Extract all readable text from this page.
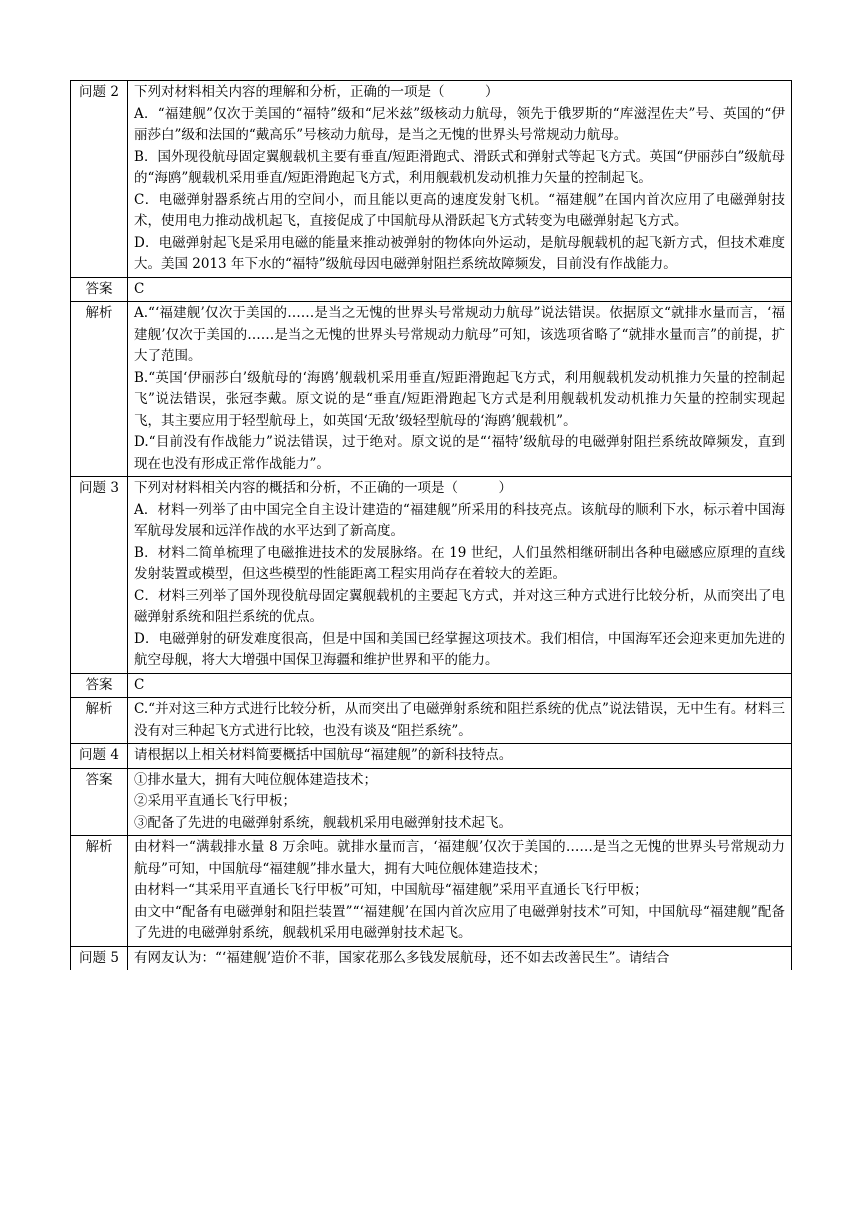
问题 2	下列对材料相关内容的理解和分析，正确的一项是（　　　）

A．“福建舰”仅次于美国的“福特”级和“尼米兹”级核动力航母，领先于俄罗斯的“库滋涅佐夫”号、英国的“伊丽莎白”级和法国的“戴高乐”号核动力航母，是当之无愧的世界头号常规动力航母。

B．国外现役航母固定翼舰载机主要有垂直/短距滑跑式、滑跃式和弹射式等起飞方式。英国“伊丽莎白”级航母的“海鸥”舰载机采用垂直/短距滑跑起飞方式，利用舰载机发动机推力矢量的控制起飞。

C．电磁弹射器系统占用的空间小，而且能以更高的速度发射飞机。“福建舰”在国内首次应用了电磁弹射技术，使用电力推动战机起飞，直接促成了中国航母从滑跃起飞方式转变为电磁弹射起飞方式。

D．电磁弹射起飞是采用电磁的能量来推动被弹射的物体向外运动，是航母舰载机的起飞新方式，但技术难度大。美国 2013 年下水的“福特”级航母因电磁弹射阻拦系统故障频发，目前没有作战能力。

答案	C

解析	A.“‘福建舰’仅次于美国的……是当之无愧的世界头号常规动力航母”说法错误。依据原文“就排水量而言，‘福建舰’仅次于美国的……是当之无愧的世界头号常规动力航母”可知，该选项省略了“就排水量而言”的前提，扩大了范围。

B.“英国‘伊丽莎白’级航母的‘海鸥’舰载机采用垂直/短距滑跑起飞方式，利用舰载机发动机推力矢量的控制起飞”说法错误，张冠李戴。原文说的是“垂直/短距滑跑起飞方式是利用舰载机发动机推力矢量的控制实现起飞，其主要应用于轻型航母上，如英国‘无敌’级轻型航母的‘海鸥’舰载机”。

D.“目前没有作战能力”说法错误，过于绝对。原文说的是“‘福特’级航母的电磁弹射阻拦系统故障频发，直到现在也没有形成正常作战能力”。

问题 3	下列对材料相关内容的概括和分析，不正确的一项是（　　　）

A．材料一列举了由中国完全自主设计建造的“福建舰”所采用的科技亮点。该航母的顺利下水，标示着中国海军航母发展和远洋作战的水平达到了新高度。

B．材料二简单梳理了电磁推进技术的发展脉络。在 19 世纪，人们虽然相继研制出各种电磁感应原理的直线发射装置或模型，但这些模型的性能距离工程实用尚存在着较大的差距。

C．材料三列举了国外现役航母固定翼舰载机的主要起飞方式，并对这三种方式进行比较分析，从而突出了电磁弹射系统和阻拦系统的优点。

D．电磁弹射的研发难度很高，但是中国和美国已经掌握这项技术。我们相信，中国海军还会迎来更加先进的航空母舰，将大大增强中国保卫海疆和维护世界和平的能力。

答案	C

解析	C.“并对这三种方式进行比较分析，从而突出了电磁弹射系统和阻拦系统的优点”说法错误，无中生有。材料三没有对三种起飞方式进行比较，也没有谈及“阻拦系统”。

问题 4	请根据以上相关材料简要概括中国航母“福建舰”的新科技特点。

答案	①排水量大，拥有大吨位舰体建造技术；

②采用平直通长飞行甲板；

③配备了先进的电磁弹射系统，舰载机采用电磁弹射技术起飞。

解析	由材料一“满载排水量 8 万余吨。就排水量而言，‘福建舰’仅次于美国的……是当之无愧的世界头号常规动力航母”可知，中国航母“福建舰”排水量大，拥有大吨位舰体建造技术；

由材料一“其采用平直通长飞行甲板”可知，中国航母“福建舰”采用平直通长飞行甲板；

由文中“配备有电磁弹射和阻拦装置”“‘福建舰’在国内首次应用了电磁弹射技术”可知，中国航母“福建舰”配备了先进的电磁弹射系统，舰载机采用电磁弹射技术起飞。

问题 5	有网友认为：“‘福建舰’造价不菲，国家花那么多钱发展航母，还不如去改善民生”。请结合
